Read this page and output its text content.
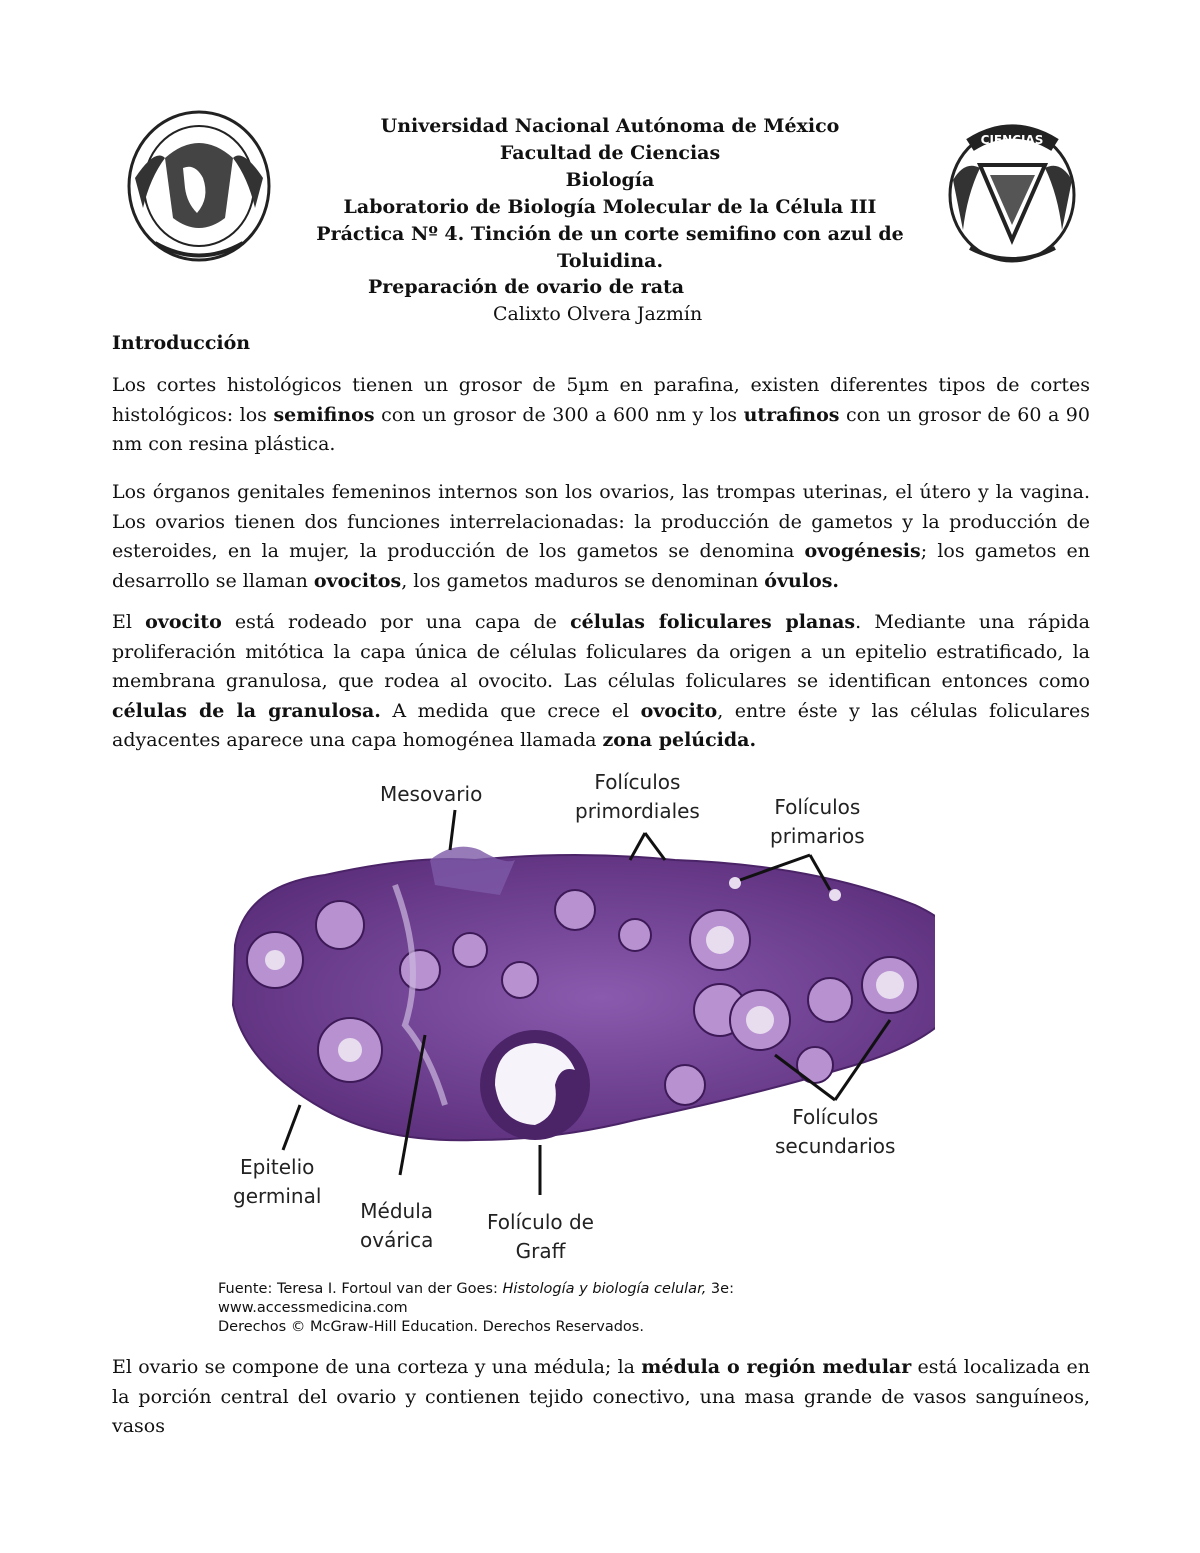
CIENCIAS
Universidad Nacional Autónoma de México
Facultad de Ciencias
Biología
Laboratorio de Biología Molecular de la Célula III
Práctica Nº 4. Tinción de un corte semifino con azul de
Toluidina.
Preparación de ovario de rata
Calixto Olvera Jazmín
Introducción

Los cortes histológicos tienen un grosor de 5µm en parafina, existen diferentes tipos de cortes histológicos: los semifinos con un grosor de 300 a 600 nm y los utrafinos con un grosor de 60 a 90 nm con resina plástica.

Los órganos genitales femeninos internos son los ovarios, las trompas uterinas, el útero y la vagina. Los ovarios tienen dos funciones interrelacionadas: la producción de gametos y la producción de esteroides, en la mujer, la producción de los gametos se denomina ovogénesis; los gametos en desarrollo se llaman ovocitos, los gametos maduros se denominan óvulos.

El ovocito está rodeado por una capa de células foliculares planas. Mediante una rápida proliferación mitótica la capa única de células foliculares da origen a un epitelio estratificado, la membrana granulosa, que rodea al ovocito. Las células foliculares se identifican entonces como células de la granulosa. A medida que crece el ovocito, entre éste y las células foliculares adyacentes aparece una capa homogénea llamada zona pelúcida.

Mesovario	Folículos
primordiales	Folículos
primarios
Folículos
secundarios
Epitelio
germinal
Médula
ovárica
Folículo de
Graff
Fuente: Teresa I. Fortoul van der Goes: Histología y biología celular, 3e:
www.accessmedicina.com
Derechos © McGraw-Hill Education. Derechos Reservados.

El ovario se compone de una corteza y una médula; la médula o región medular está localizada en la porción central del ovario y contienen tejido conectivo, una masa grande de vasos sanguíneos, vasos
